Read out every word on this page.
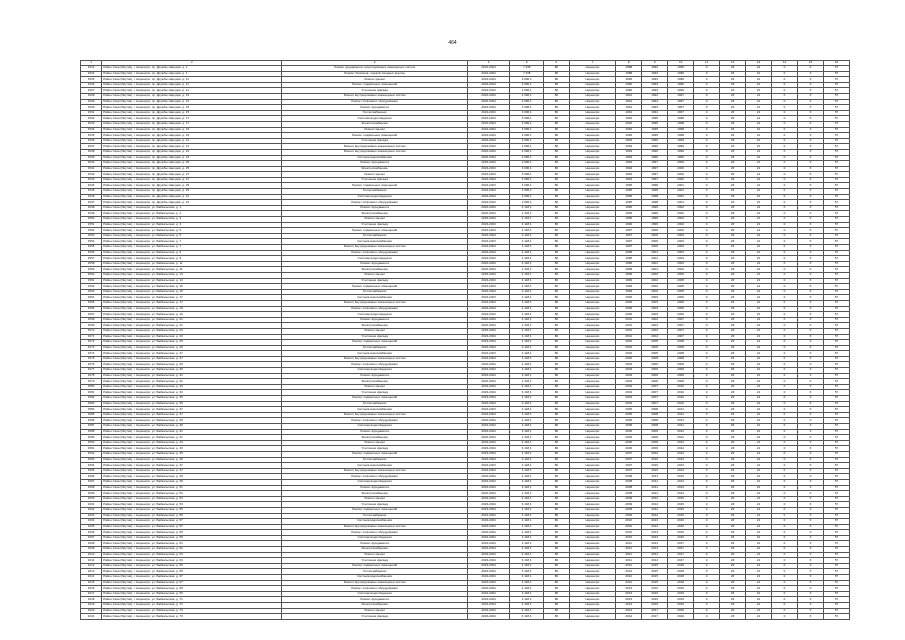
464
1	2	3	4	5	6	7	8	9	10	11	12	13	14	15	16
1523	Район Саха (Якутия), г. Нерюнгри, пр. Дружбы Народов, д. 1	Ремонт фундамента, внутридомовых инженерных систем	2023-2024	7 338	80	Нерюнгри	1988	1992	1995	0	26	21	0	Х	57
1524	Район Саха (Якутия), г. Нерюнгри, пр. Дружбы Народов, д. 1	Ремонт балконов, лоджий, входных крылец	2023-2024	7 338	80	Нерюнгри	1988	1992	1995	0	26	21	0	Х	57
1525	Район Саха (Якутия), г. Нерюнгри, пр. Дружбы Народов, д. 11	Ремонт крыши	2023-2024	4 096,1	80	Нерюнгри	1990	1993	1996	0	26	21	0	Х	57
1526	Район Саха (Якутия), г. Нерюнгри, пр. Дружбы Народов, д. 11	Ремонт подвальных помещений	2023-2024	4 096,1	80	Нерюнгри	1990	1993	1996	0	26	21	0	Х	57
1527	Район Саха (Якутия), г. Нерюнгри, пр. Дружбы Народов, д. 11	Утепление фасада	2023-2024	4 096,1	80	Нерюнгри	1990	1993	1996	0	26	21	0	Х	57
1528	Район Саха (Якутия), г. Нерюнгри, пр. Дружбы Народов, д. 13	Ремонт внутридомовых инженерных систем	2023-2024	4 096,1	80	Нерюнгри	1991	1994	1997	0	26	21	0	Х	57
1529	Район Саха (Якутия), г. Нерюнгри, пр. Дружбы Народов, д. 13	Ремонт лифтового оборудования	2023-2024	4 096,1	80	Нерюнгри	1991	1994	1997	0	26	21	0	Х	57
1530	Район Саха (Якутия), г. Нерюнгри, пр. Дружбы Народов, д. 15	Ремонт фундамента	2023-2024	4 096,1	80	Нерюнгри	1991	1994	1997	0	26	21	0	Х	57
1531	Район Саха (Якутия), г. Нерюнгри, пр. Дружбы Народов, д. 15	Теплоснабжение	2023-2024	4 096,1	80	Нерюнгри	1991	1994	1997	0	26	21	0	Х	57
1532	Район Саха (Якутия), г. Нерюнгри, пр. Дружбы Народов, д. 17	Система водоотведения	2023-2024	4 096,1	80	Нерюнгри	1992	1995	1998	0	26	21	0	Х	57
1533	Район Саха (Якутия), г. Нерюнгри, пр. Дружбы Народов, д. 17	Электроснабжение	2023-2024	4 096,1	80	Нерюнгри	1992	1995	1998	0	26	21	0	Х	57
1534	Район Саха (Якутия), г. Нерюнгри, пр. Дружбы Народов, д. 19	Ремонт крыши	2023-2024	4 096,1	80	Нерюнгри	1992	1995	1998	0	26	21	0	Х	57
1535	Район Саха (Якутия), г. Нерюнгри, пр. Дружбы Народов, д. 19	Ремонт подвальных помещений	2023-2024	4 096,1	80	Нерюнгри	1992	1995	1998	0	26	21	0	Х	57
1536	Район Саха (Якутия), г. Нерюнгри, пр. Дружбы Народов, д. 21	Утепление фасада	2023-2024	4 096,1	80	Нерюнгри	1993	1996	1999	0	26	21	0	Х	57
1537	Район Саха (Якутия), г. Нерюнгри, пр. Дружбы Народов, д. 21	Ремонт внутридомовых инженерных систем	2023-2024	4 096,1	80	Нерюнгри	1993	1996	1999	0	26	21	0	Х	57
1538	Район Саха (Якутия), г. Нерюнгри, пр. Дружбы Народов, д. 23	Ремонт внутридомовых инженерных систем	2023-2024	4 096,1	80	Нерюнгри	1993	1996	1999	0	26	21	0	Х	57
1539	Район Саха (Якутия), г. Нерюнгри, пр. Дружбы Народов, д. 23	Система водоснабжения	2023-2024	4 096,1	80	Нерюнгри	1993	1996	1999	0	26	21	0	Х	57
1540	Район Саха (Якутия), г. Нерюнгри, пр. Дружбы Народов, д. 25	Ремонт фундамента	2023-2024	4 096,1	80	Нерюнгри	1994	1997	2000	0	26	21	0	Х	57
1541	Район Саха (Якутия), г. Нерюнгри, пр. Дружбы Народов, д. 25	Электроснабжение	2023-2024	4 096,1	80	Нерюнгри	1994	1997	2000	0	26	21	0	Х	57
1542	Район Саха (Якутия), г. Нерюнгри, пр. Дружбы Народов, д. 27	Ремонт крыши	2023-2024	4 096,1	80	Нерюнгри	1994	1997	2000	0	26	21	0	Х	57
1543	Район Саха (Якутия), г. Нерюнгри, пр. Дружбы Народов, д. 27	Утепление фасада	2023-2024	4 096,1	80	Нерюнгри	1994	1997	2000	0	26	21	0	Х	57
1544	Район Саха (Якутия), г. Нерюнгри, пр. Дружбы Народов, д. 29	Ремонт подвальных помещений	2023-2024	4 096,1	80	Нерюнгри	1995	1998	2001	0	26	21	0	Х	57
1545	Район Саха (Якутия), г. Нерюнгри, пр. Дружбы Народов, д. 29	Теплоснабжение	2023-2024	4 096,1	80	Нерюнгри	1995	1998	2001	0	26	21	0	Х	57
1546	Район Саха (Якутия), г. Нерюнгри, пр. Дружбы Народов, д. 31	Система водоотведения	2023-2024	4 096,1	80	Нерюнгри	1995	1998	2001	0	26	21	0	Х	57
1547	Район Саха (Якутия), г. Нерюнгри, пр. Дружбы Народов, д. 31	Ремонт лифтового оборудования	2023-2024	4 096,1	80	Нерюнгри	1995	1998	2001	0	26	21	0	Х	57
1548	Район Саха (Якутия), г. Нерюнгри, ул. Байкальская, д. 1	Ремонт фундамента	2023-2024	4 118,1	80	Нерюнгри	1996	1999	2002	0	26	21	0	Х	57
1549	Район Саха (Якутия), г. Нерюнгри, ул. Байкальская, д. 1	Электроснабжение	2023-2024	4 118,1	80	Нерюнгри	1996	1999	2002	0	26	21	0	Х	57
1550	Район Саха (Якутия), г. Нерюнгри, ул. Байкальская, д. 3	Ремонт крыши	2023-2024	4 118,1	80	Нерюнгри	1996	1999	2002	0	26	21	0	Х	57
1551	Район Саха (Якутия), г. Нерюнгри, ул. Байкальская, д. 3	Утепление фасада	2023-2024	4 118,1	80	Нерюнгри	1996	1999	2002	0	26	21	0	Х	57
1552	Район Саха (Якутия), г. Нерюнгри, ул. Байкальская, д. 5	Ремонт подвальных помещений	2023-2024	4 118,1	80	Нерюнгри	1997	2000	2003	0	26	21	0	Х	57
1553	Район Саха (Якутия), г. Нерюнгри, ул. Байкальская, д. 5	Теплоснабжение	2023-2024	4 118,1	80	Нерюнгри	1997	2000	2003	0	26	21	0	Х	57
1554	Район Саха (Якутия), г. Нерюнгри, ул. Байкальская, д. 7	Система водоснабжения	2023-2024	4 118,1	80	Нерюнгри	1997	2000	2003	0	26	21	0	Х	57
1555	Район Саха (Якутия), г. Нерюнгри, ул. Байкальская, д. 7	Ремонт внутридомовых инженерных систем	2023-2024	4 118,1	80	Нерюнгри	1997	2000	2003	0	26	21	0	Х	57
1556	Район Саха (Якутия), г. Нерюнгри, ул. Байкальская, д. 9	Ремонт лифтового оборудования	2023-2024	4 118,1	80	Нерюнгри	1998	2001	2004	0	26	21	0	Х	57
1557	Район Саха (Якутия), г. Нерюнгри, ул. Байкальская, д. 9	Система водоотведения	2023-2024	4 118,1	80	Нерюнгри	1998	2001	2004	0	26	21	0	Х	57
1558	Район Саха (Якутия), г. Нерюнгри, ул. Байкальская, д. 11	Ремонт фундамента	2023-2024	4 118,1	80	Нерюнгри	1998	2001	2004	0	26	21	0	Х	57
1559	Район Саха (Якутия), г. Нерюнгри, ул. Байкальская, д. 11	Электроснабжение	2023-2024	4 118,1	80	Нерюнгри	1998	2001	2004	0	26	21	0	Х	57
1560	Район Саха (Якутия), г. Нерюнгри, ул. Байкальская, д. 13	Ремонт крыши	2023-2024	4 118,1	80	Нерюнгри	1999	2002	2005	0	26	21	0	Х	57
1561	Район Саха (Якутия), г. Нерюнгри, ул. Байкальская, д. 13	Утепление фасада	2023-2024	4 118,1	80	Нерюнгри	1999	2002	2005	0	26	21	0	Х	57
1562	Район Саха (Якутия), г. Нерюнгри, ул. Байкальская, д. 15	Ремонт подвальных помещений	2023-2024	4 118,1	80	Нерюнгри	1999	2002	2005	0	26	21	0	Х	57
1563	Район Саха (Якутия), г. Нерюнгри, ул. Байкальская, д. 15	Теплоснабжение	2023-2024	4 118,1	80	Нерюнгри	1999	2002	2005	0	26	21	0	Х	57
1564	Район Саха (Якутия), г. Нерюнгри, ул. Байкальская, д. 17	Система водоснабжения	2023-2024	4 118,1	80	Нерюнгри	2000	2003	2006	0	26	21	0	Х	57
1565	Район Саха (Якутия), г. Нерюнгри, ул. Байкальская, д. 17	Ремонт внутридомовых инженерных систем	2023-2024	4 118,1	80	Нерюнгри	2000	2003	2006	0	26	21	0	Х	57
1566	Район Саха (Якутия), г. Нерюнгри, ул. Байкальская, д. 19	Ремонт лифтового оборудования	2023-2024	4 118,1	80	Нерюнгри	2000	2003	2006	0	26	21	0	Х	57
1567	Район Саха (Якутия), г. Нерюнгри, ул. Байкальская, д. 19	Система водоотведения	2023-2024	4 118,1	80	Нерюнгри	2000	2003	2006	0	26	21	0	Х	57
1568	Район Саха (Якутия), г. Нерюнгри, ул. Байкальская, д. 21	Ремонт фундамента	2023-2024	4 118,1	80	Нерюнгри	2001	2004	2007	0	26	21	0	Х	57
1569	Район Саха (Якутия), г. Нерюнгри, ул. Байкальская, д. 21	Электроснабжение	2023-2024	4 118,1	80	Нерюнгри	2001	2004	2007	0	26	21	0	Х	57
1570	Район Саха (Якутия), г. Нерюнгри, ул. Байкальская, д. 23	Ремонт крыши	2023-2024	4 118,1	80	Нерюнгри	2001	2004	2007	0	26	21	0	Х	57
1571	Район Саха (Якутия), г. Нерюнгри, ул. Байкальская, д. 23	Утепление фасада	2023-2024	4 118,1	80	Нерюнгри	2001	2004	2007	0	26	21	0	Х	57
1572	Район Саха (Якутия), г. Нерюнгри, ул. Байкальская, д. 25	Ремонт подвальных помещений	2023-2024	4 118,1	80	Нерюнгри	2002	2005	2008	0	26	21	0	Х	57
1573	Район Саха (Якутия), г. Нерюнгри, ул. Байкальская, д. 25	Теплоснабжение	2023-2024	4 118,1	80	Нерюнгри	2002	2005	2008	0	26	21	0	Х	57
1574	Район Саха (Якутия), г. Нерюнгри, ул. Байкальская, д. 27	Система водоснабжения	2023-2024	4 118,1	80	Нерюнгри	2002	2005	2008	0	26	21	0	Х	57
1575	Район Саха (Якутия), г. Нерюнгри, ул. Байкальская, д. 27	Ремонт внутридомовых инженерных систем	2023-2024	4 118,1	80	Нерюнгри	2002	2005	2008	0	26	21	0	Х	57
1576	Район Саха (Якутия), г. Нерюнгри, ул. Байкальская, д. 29	Ремонт лифтового оборудования	2023-2024	4 118,1	80	Нерюнгри	2003	2006	2009	0	26	21	0	Х	57
1577	Район Саха (Якутия), г. Нерюнгри, ул. Байкальская, д. 29	Система водоотведения	2023-2024	4 118,1	80	Нерюнгри	2003	2006	2009	0	26	21	0	Х	57
1578	Район Саха (Якутия), г. Нерюнгри, ул. Байкальская, д. 31	Ремонт фундамента	2023-2024	4 118,1	80	Нерюнгри	2003	2006	2009	0	26	21	0	Х	57
1579	Район Саха (Якутия), г. Нерюнгри, ул. Байкальская, д. 31	Электроснабжение	2023-2024	4 118,1	80	Нерюнгри	2003	2006	2009	0	26	21	0	Х	57
1580	Район Саха (Якутия), г. Нерюнгри, ул. Байкальская, д. 33	Ремонт крыши	2023-2024	4 118,1	80	Нерюнгри	2004	2007	2010	0	26	21	0	Х	57
1581	Район Саха (Якутия), г. Нерюнгри, ул. Байкальская, д. 33	Утепление фасада	2023-2024	4 118,1	80	Нерюнгри	2004	2007	2010	0	26	21	0	Х	57
1582	Район Саха (Якутия), г. Нерюнгри, ул. Байкальская, д. 35	Ремонт подвальных помещений	2023-2024	4 118,1	80	Нерюнгри	2004	2007	2010	0	26	21	0	Х	57
1583	Район Саха (Якутия), г. Нерюнгри, ул. Байкальская, д. 35	Теплоснабжение	2023-2024	4 118,1	80	Нерюнгри	2004	2007	2010	0	26	21	0	Х	57
1584	Район Саха (Якутия), г. Нерюнгри, ул. Байкальская, д. 37	Система водоснабжения	2023-2024	4 118,1	80	Нерюнгри	2005	2008	2011	0	26	21	0	Х	57
1585	Район Саха (Якутия), г. Нерюнгри, ул. Байкальская, д. 37	Ремонт внутридомовых инженерных систем	2023-2024	4 118,1	80	Нерюнгри	2005	2008	2011	0	26	21	0	Х	57
1586	Район Саха (Якутия), г. Нерюнгри, ул. Байкальская, д. 39	Ремонт лифтового оборудования	2023-2024	4 118,1	80	Нерюнгри	2005	2008	2011	0	26	21	0	Х	57
1587	Район Саха (Якутия), г. Нерюнгри, ул. Байкальская, д. 39	Система водоотведения	2023-2024	4 118,1	80	Нерюнгри	2005	2008	2011	0	26	21	0	Х	57
1588	Район Саха (Якутия), г. Нерюнгри, ул. Байкальская, д. 41	Ремонт фундамента	2023-2024	4 118,1	80	Нерюнгри	2006	2009	2012	0	26	21	0	Х	57
1589	Район Саха (Якутия), г. Нерюнгри, ул. Байкальская, д. 41	Электроснабжение	2023-2024	4 118,1	80	Нерюнгри	2006	2009	2012	0	26	21	0	Х	57
1590	Район Саха (Якутия), г. Нерюнгри, ул. Байкальская, д. 43	Ремонт крыши	2023-2024	4 118,1	80	Нерюнгри	2006	2009	2012	0	26	21	0	Х	57
1591	Район Саха (Якутия), г. Нерюнгри, ул. Байкальская, д. 43	Утепление фасада	2023-2024	4 118,1	80	Нерюнгри	2006	2009	2012	0	26	21	0	Х	57
1592	Район Саха (Якутия), г. Нерюнгри, ул. Байкальская, д. 45	Ремонт подвальных помещений	2023-2024	4 118,1	80	Нерюнгри	2007	2010	2013	0	26	21	0	Х	57
1593	Район Саха (Якутия), г. Нерюнгри, ул. Байкальская, д. 45	Теплоснабжение	2023-2024	4 118,1	80	Нерюнгри	2007	2010	2013	0	26	21	0	Х	57
1594	Район Саха (Якутия), г. Нерюнгри, ул. Байкальская, д. 47	Система водоснабжения	2023-2024	4 118,1	80	Нерюнгри	2007	2010	2013	0	26	21	0	Х	57
1595	Район Саха (Якутия), г. Нерюнгри, ул. Байкальская, д. 47	Ремонт внутридомовых инженерных систем	2023-2024	4 118,1	80	Нерюнгри	2007	2010	2013	0	26	21	0	Х	57
1596	Район Саха (Якутия), г. Нерюнгри, ул. Байкальская, д. 49	Ремонт лифтового оборудования	2023-2024	4 118,1	80	Нерюнгри	2008	2011	2014	0	26	21	0	Х	57
1597	Район Саха (Якутия), г. Нерюнгри, ул. Байкальская, д. 49	Система водоотведения	2023-2024	4 118,1	80	Нерюнгри	2008	2011	2014	0	26	21	0	Х	57
1598	Район Саха (Якутия), г. Нерюнгри, ул. Байкальская, д. 51	Ремонт фундамента	2023-2024	4 118,1	80	Нерюнгри	2008	2011	2014	0	26	21	0	Х	57
1599	Район Саха (Якутия), г. Нерюнгри, ул. Байкальская, д. 51	Электроснабжение	2023-2024	4 118,1	80	Нерюнгри	2008	2011	2014	0	26	21	0	Х	57
1600	Район Саха (Якутия), г. Нерюнгри, ул. Байкальская, д. 53	Ремонт крыши	2023-2024	4 118,1	80	Нерюнгри	2009	2012	2015	0	26	21	0	Х	57
1601	Район Саха (Якутия), г. Нерюнгри, ул. Байкальская, д. 53	Утепление фасада	2023-2024	4 118,1	80	Нерюнгри	2009	2012	2015	0	26	21	0	Х	57
1602	Район Саха (Якутия), г. Нерюнгри, ул. Байкальская, д. 55	Ремонт подвальных помещений	2023-2024	4 118,1	80	Нерюнгри	2009	2012	2015	0	26	21	0	Х	57
1603	Район Саха (Якутия), г. Нерюнгри, ул. Байкальская, д. 55	Теплоснабжение	2023-2024	4 118,1	80	Нерюнгри	2009	2012	2015	0	26	21	0	Х	57
1604	Район Саха (Якутия), г. Нерюнгри, ул. Байкальская, д. 57	Система водоснабжения	2023-2024	4 118,1	80	Нерюнгри	2010	2013	2016	0	26	21	0	Х	57
1605	Район Саха (Якутия), г. Нерюнгри, ул. Байкальская, д. 57	Ремонт внутридомовых инженерных систем	2023-2024	4 118,1	80	Нерюнгри	2010	2013	2016	0	26	21	0	Х	57
1606	Район Саха (Якутия), г. Нерюнгри, ул. Байкальская, д. 59	Ремонт лифтового оборудования	2023-2024	4 118,1	80	Нерюнгри	2010	2013	2016	0	26	21	0	Х	57
1607	Район Саха (Якутия), г. Нерюнгри, ул. Байкальская, д. 59	Система водоотведения	2023-2024	4 118,1	80	Нерюнгри	2010	2013	2016	0	26	21	0	Х	57
1608	Район Саха (Якутия), г. Нерюнгри, ул. Байкальская, д. 61	Ремонт фундамента	2023-2024	4 118,1	80	Нерюнгри	2011	2014	2017	0	26	21	0	Х	57
1609	Район Саха (Якутия), г. Нерюнгри, ул. Байкальская, д. 61	Электроснабжение	2023-2024	4 118,1	80	Нерюнгри	2011	2014	2017	0	26	21	0	Х	57
1610	Район Саха (Якутия), г. Нерюнгри, ул. Байкальская, д. 63	Ремонт крыши	2023-2024	4 118,1	80	Нерюнгри	2011	2014	2017	0	26	21	0	Х	57
1611	Район Саха (Якутия), г. Нерюнгри, ул. Байкальская, д. 63	Утепление фасада	2023-2024	4 118,1	80	Нерюнгри	2011	2014	2017	0	26	21	0	Х	57
1612	Район Саха (Якутия), г. Нерюнгри, ул. Байкальская, д. 65	Ремонт подвальных помещений	2023-2024	4 118,1	80	Нерюнгри	2012	2015	2018	0	26	21	0	Х	57
1613	Район Саха (Якутия), г. Нерюнгри, ул. Байкальская, д. 65	Теплоснабжение	2023-2024	4 118,1	80	Нерюнгри	2012	2015	2018	0	26	21	0	Х	57
1614	Район Саха (Якутия), г. Нерюнгри, ул. Байкальская, д. 67	Система водоснабжения	2023-2024	4 118,1	80	Нерюнгри	2012	2015	2018	0	26	21	0	Х	57
1615	Район Саха (Якутия), г. Нерюнгри, ул. Байкальская, д. 67	Ремонт внутридомовых инженерных систем	2023-2024	4 118,1	80	Нерюнгри	2012	2015	2018	0	26	21	0	Х	57
1616	Район Саха (Якутия), г. Нерюнгри, ул. Байкальская, д. 69	Ремонт лифтового оборудования	2023-2024	4 118,1	80	Нерюнгри	2013	2016	2019	0	26	21	0	Х	57
1617	Район Саха (Якутия), г. Нерюнгри, ул. Байкальская, д. 69	Система водоотведения	2023-2024	4 118,1	80	Нерюнгри	2013	2016	2019	0	26	21	0	Х	57
1618	Район Саха (Якутия), г. Нерюнгри, ул. Байкальская, д. 71	Ремонт фундамента	2023-2024	4 118,1	80	Нерюнгри	2013	2016	2019	0	26	21	0	Х	57
1619	Район Саха (Якутия), г. Нерюнгри, ул. Байкальская, д. 71	Электроснабжение	2023-2024	4 118,1	80	Нерюнгри	2013	2016	2019	0	26	21	0	Х	57
1620	Район Саха (Якутия), г. Нерюнгри, ул. Байкальская, д. 73	Ремонт крыши	2023-2024	4 118,1	80	Нерюнгри	2014	2017	2020	0	26	21	0	Х	57
1621	Район Саха (Якутия), г. Нерюнгри, ул. Байкальская, д. 73	Утепление фасада	2023-2024	4 118,1	80	Нерюнгри	2014	2017	2020	0	26	21	0	Х	57
